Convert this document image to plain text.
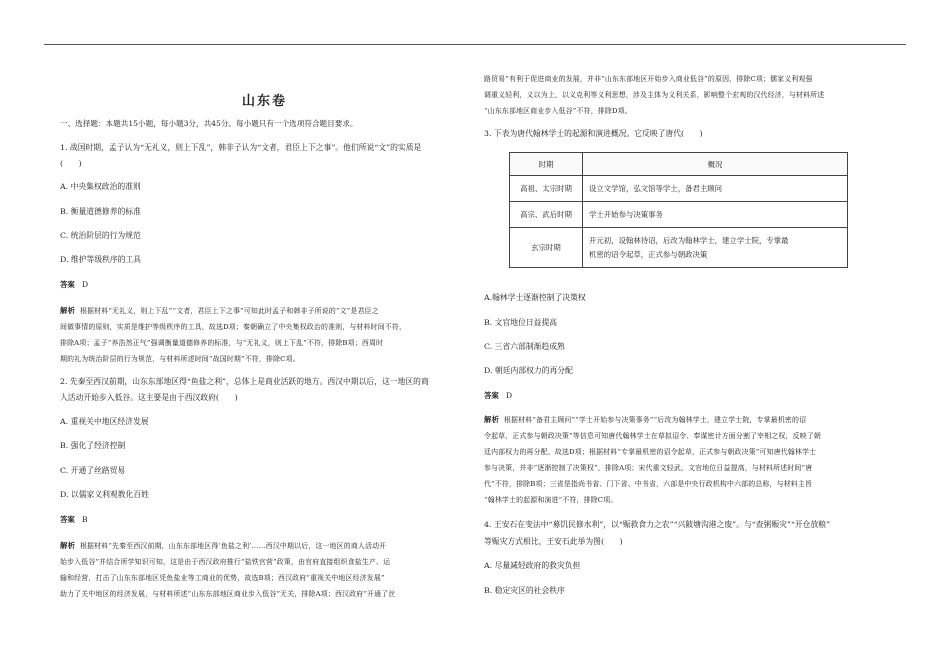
山东卷
一、选择题：本题共15小题，每小题3分，共45分。每小题只有一个选项符合题目要求。
1. 战国时期，孟子认为“无礼义，则上下乱”，韩非子认为“文者，君臣上下之事”。他们所说“文”的实质是
(　　)
A. 中央集权政治的准则
B. 衡量道德修养的标准
C. 统治阶层的行为规范
D. 维护等级秩序的工具
答案 D
解析 根据材料“无礼义，则上下乱”“文者，君臣上下之事”可知此时孟子和韩非子所说的“文”是君臣之
间做事情的原则，实质是维护等级秩序的工具，故选D项；秦朝确立了中央集权政治的准则，与材料时间不符，
排除A项；孟子“养浩然正气”强调衡量道德修养的标准，与“无礼义，则上下乱”不符，排除B项；西周时
期的礼为统治阶层的行为规范，与材料所述时间“战国时期”不符，排除C项。
2. 先秦至西汉前期，山东东部地区得“鱼盐之利”，总体上是商业活跃的地方。西汉中期以后，这一地区的商
人活动开始步入低谷。这主要是由于西汉政府(　　)
A. 重视关中地区经济发展
B. 强化了经济控制
C. 开通了丝路贸易
D. 以儒家义利观教化百姓
答案 B
解析 根据材料“先秦至西汉前期，山东东部地区得‘鱼盐之利’……西汉中期以后，这一地区的商人活动开
始步入低谷”并结合所学知识可知，这是由于西汉政府推行“盐铁官营”政策，由官府直接组织食盐生产、运
输和经营，打击了山东东部地区凭鱼盐业等工商业的优势，故选B项；西汉政府“重视关中地区经济发展”
助力了关中地区的经济发展，与材料所述“山东东部地区商业步入低谷”无关，排除A项；西汉政府“开通了丝
路贸易”有利于促进商业的发展，并非“山东东部地区开始步入商业低谷”的原因，排除C项；儒家义利观强
调重义轻利，义以为上，以义克利等义利思想，涉及主体为义利关系，影响整个宏观的汉代经济，与材料所述
“山东东部地区商业步入低谷”不符，排除D项。
3. 下表为唐代翰林学士的起源和演进概况。它反映了唐代(　　)
时期	概况
高祖、太宗时期	设立文学馆，弘文馆等学士，备君主顾问
高宗、武后时期	学士开始参与决策事务
玄宗时期	开元初，设翰林待诏，后改为翰林学士，建立学士院，专掌最
机密的诏令起草，正式参与朝政决策
A.翰林学士逐渐控制了决策权
B. 文官地位日益提高
C. 三省六部制渐趋成熟
D. 朝廷内部权力的再分配
答案 D
解析 根据材料“备君主顾问”“学士开始参与决策事务”“后改为翰林学士，建立学士院，专掌最机密的诏
令起草，正式参与朝政决策”等信息可知唐代翰林学士在草拟诏令、奉谋密计方面分割了宰相之权，反映了朝
廷内部权力的再分配，故选D项；根据材料“专掌最机密的诏令起草，正式参与朝政决策”可知唐代翰林学士
参与决策，并非“逐渐控制了决策权”，排除A项；宋代重文轻武，文官地位日益提高，与材料所述时间“唐
代”不符，排除B项；三省是指尚书省、门下省、中书省，六部是中央行政机构中六部的总称，与材料主旨
“翰林学士的起源和演进”不符，排除C项。
4. 王安石在变法中“募饥民修水利”，以“赈救食力之农”“兴陂塘沟港之废”。与“查粥赈灾”“开仓放粮”
等赈灾方式相比，王安石此举为图(　　)
A. 尽量减轻政府的救灾负担
B. 稳定灾区的社会秩序
